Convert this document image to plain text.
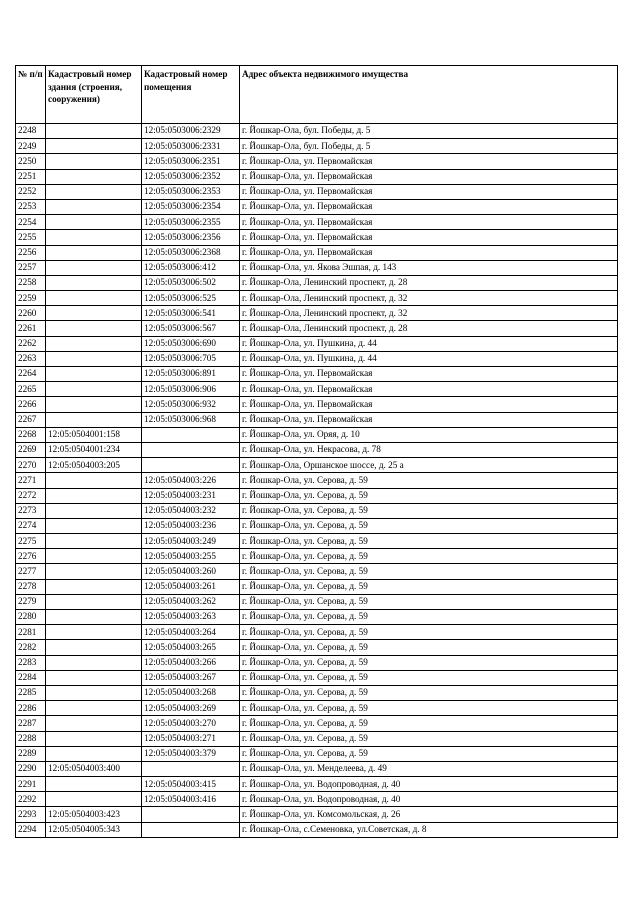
№ п/п	Кадастровый номер здания (строения, сооружения)	Кадастровый номер помещения	Адрес объекта недвижимого имущества
2248		12:05:0503006:2329	г. Йошкар-Ола, бул. Победы, д. 5
2249		12:05:0503006:2331	г. Йошкар-Ола, бул. Победы, д. 5
2250		12:05:0503006:2351	г. Йошкар-Ола, ул. Первомайская
2251		12:05:0503006:2352	г. Йошкар-Ола, ул. Первомайская
2252		12:05:0503006:2353	г. Йошкар-Ола, ул. Первомайская
2253		12:05:0503006:2354	г. Йошкар-Ола, ул. Первомайская
2254		12:05:0503006:2355	г. Йошкар-Ола, ул. Первомайская
2255		12:05:0503006:2356	г. Йошкар-Ола, ул. Первомайская
2256		12:05:0503006:2368	г. Йошкар-Ола, ул. Первомайская
2257		12:05:0503006:412	г. Йошкар-Ола, ул. Якова Эшпая, д. 143
2258		12:05:0503006:502	г. Йошкар-Ола, Ленинский проспект, д. 28
2259		12:05:0503006:525	г. Йошкар-Ола, Ленинский проспект, д. 32
2260		12:05:0503006:541	г. Йошкар-Ола, Ленинский проспект, д. 32
2261		12:05:0503006:567	г. Йошкар-Ола, Ленинский проспект, д. 28
2262		12:05:0503006:690	г. Йошкар-Ола, ул. Пушкина, д. 44
2263		12:05:0503006:705	г. Йошкар-Ола, ул. Пушкина, д. 44
2264		12:05:0503006:891	г. Йошкар-Ола, ул. Первомайская
2265		12:05:0503006:906	г. Йошкар-Ола, ул. Первомайская
2266		12:05:0503006:932	г. Йошкар-Ола, ул. Первомайская
2267		12:05:0503006:968	г. Йошкар-Ола, ул. Первомайская
2268	12:05:0504001:158		г. Йошкар-Ола, ул. Оряя, д. 10
2269	12:05:0504001:234		г. Йошкар-Ола, ул. Некрасова, д. 78
2270	12:05:0504003:205		г. Йошкар-Ола, Оршанское шоссе, д. 25 а
2271		12:05:0504003:226	г. Йошкар-Ола, ул. Серова, д. 59
2272		12:05:0504003:231	г. Йошкар-Ола, ул. Серова, д. 59
2273		12:05:0504003:232	г. Йошкар-Ола, ул. Серова, д. 59
2274		12:05:0504003:236	г. Йошкар-Ола, ул. Серова, д. 59
2275		12:05:0504003:249	г. Йошкар-Ола, ул. Серова, д. 59
2276		12:05:0504003:255	г. Йошкар-Ола, ул. Серова, д. 59
2277		12:05:0504003:260	г. Йошкар-Ола, ул. Серова, д. 59
2278		12:05:0504003:261	г. Йошкар-Ола, ул. Серова, д. 59
2279		12:05:0504003:262	г. Йошкар-Ола, ул. Серова, д. 59
2280		12:05:0504003:263	г. Йошкар-Ола, ул. Серова, д. 59
2281		12:05:0504003:264	г. Йошкар-Ола, ул. Серова, д. 59
2282		12:05:0504003:265	г. Йошкар-Ола, ул. Серова, д. 59
2283		12:05:0504003:266	г. Йошкар-Ола, ул. Серова, д. 59
2284		12:05:0504003:267	г. Йошкар-Ола, ул. Серова, д. 59
2285		12:05:0504003:268	г. Йошкар-Ола, ул. Серова, д. 59
2286		12:05:0504003:269	г. Йошкар-Ола, ул. Серова, д. 59
2287		12:05:0504003:270	г. Йошкар-Ола, ул. Серова, д. 59
2288		12:05:0504003:271	г. Йошкар-Ола, ул. Серова, д. 59
2289		12:05:0504003:379	г. Йошкар-Ола, ул. Серова, д. 59
2290	12:05:0504003:400		г. Йошкар-Ола, ул. Менделеева, д. 49
2291		12:05:0504003:415	г. Йошкар-Ола, ул. Водопроводная, д. 40
2292		12:05:0504003:416	г. Йошкар-Ола, ул. Водопроводная, д. 40
2293	12:05:0504003:423		г. Йошкар-Ола, ул. Комсомольская, д. 26
2294	12:05:0504005:343		г. Йошкар-Ола, с.Семеновка, ул.Советская, д. 8
